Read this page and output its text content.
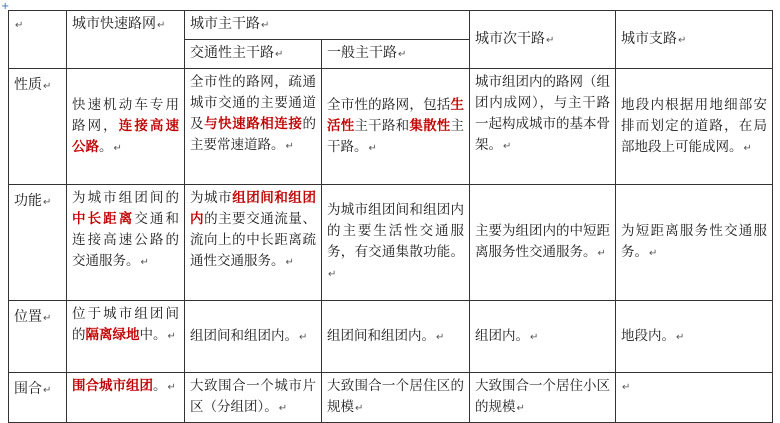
+
↵	城市快速路网↵	城市主干路↵		城市次干路↵	城市支路↵
		交通性主干路↵	一般主干路↵		
性质↵	快速机动车专用路网，连接高速公路。↵	全市性的路网，疏通城市交通的主要通道及与快速路相连接的主要常速道路。↵	全市性的路网，包括生活性主干路和集散性主干路。↵	城市组团内的路网（组团内成网），与主干路一起构成城市的基本骨架。↵	地段内根据用地细部安排而划定的道路，在局部地段上可能成网。↵
功能↵	为城市组团间的中长距离交通和连接高速公路的交通服务。↵	为城市组团间和组团内的主要交通流量、流向上的中长距离疏通性交通服务。↵	为城市组团间和组团内的主要生活性交通服务，有交通集散功能。↵	主要为组团内的中短距离服务性交通服务。↵	为短距离服务性交通服务。↵
位置↵	位于城市组团间的隔离绿地中。↵	组团间和组团内。↵	组团间和组团内。↵	组团内。↵	地段内。↵
围合↵	围合城市组团。↵	大致围合一个城市片区（分组团）。↵	大致围合一个居住区的规模↵	大致围合一个居住小区的规模↵	↵
